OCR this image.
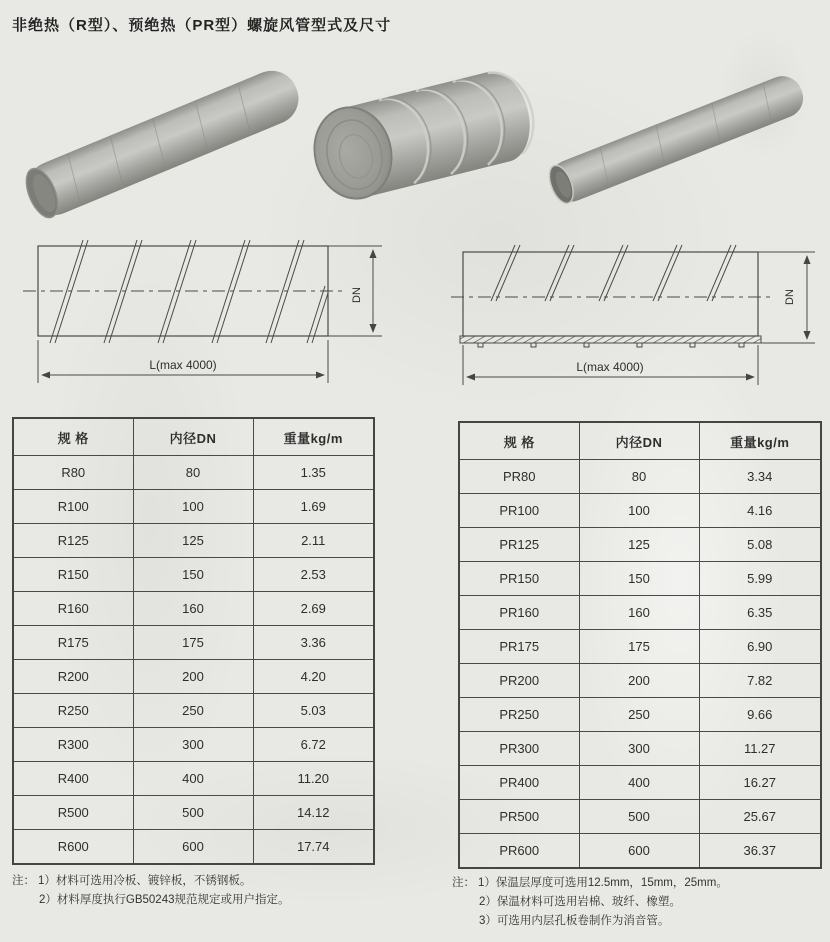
非绝热（R型）、预绝热（PR型）螺旋风管型式及尺寸
DN
L(max 4000)
DN
L(max 4000)
规 格	内径DN	重量kg/m
R80	80	1.35
R100	100	1.69
R125	125	2.11
R150	150	2.53
R160	160	2.69
R175	175	3.36
R200	200	4.20
R250	250	5.03
R300	300	6.72
R400	400	11.20
R500	500	14.12
R600	600	17.74
规 格	内径DN	重量kg/m
PR80	80	3.34
PR100	100	4.16
PR125	125	5.08
PR150	150	5.99
PR160	160	6.35
PR175	175	6.90
PR200	200	7.82
PR250	250	9.66
PR300	300	11.27
PR400	400	16.27
PR500	500	25.67
PR600	600	36.37
注： 1）材料可选用冷板、镀锌板，不锈钢板。
2）材料厚度执行GB50243规范规定或用户指定。
注： 1）保温层厚度可选用12.5mm，15mm，25mm。
2）保温材料可选用岩棉、玻纤、橡塑。
3）可选用内层孔板卷制作为消音管。
